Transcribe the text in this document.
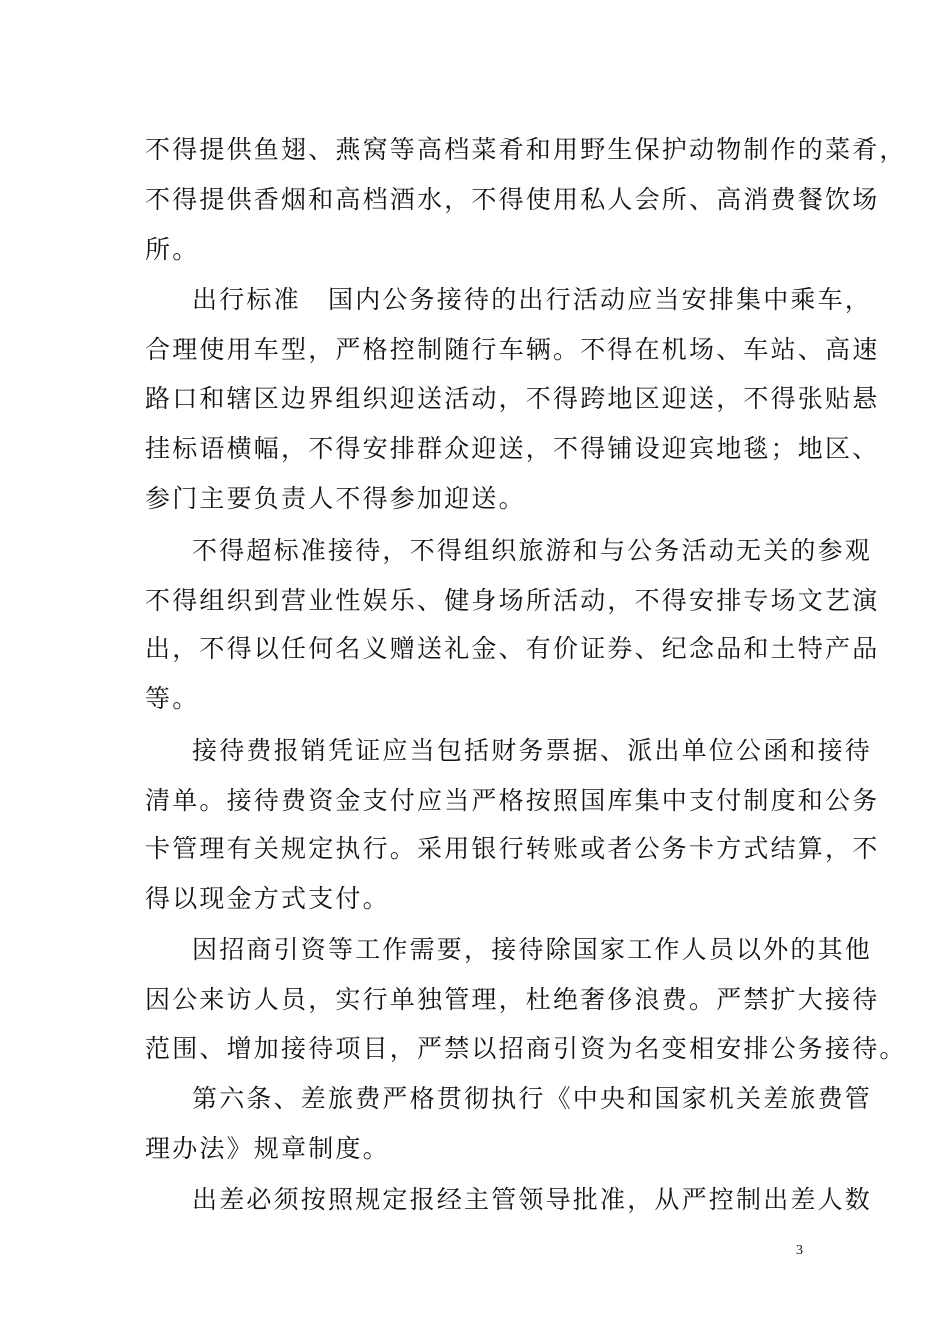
不得提供鱼翅、燕窝等高档菜肴和用野生保护动物制作的菜肴，
不得提供香烟和高档酒水，不得使用私人会所、高消费餐饮场
所。
出行标准　国内公务接待的出行活动应当安排集中乘车，
合理使用车型，严格控制随行车辆。不得在机场、车站、高速
路口和辖区边界组织迎送活动，不得跨地区迎送，不得张贴悬
挂标语横幅，不得安排群众迎送，不得铺设迎宾地毯；地区、
参门主要负责人不得参加迎送。
不得超标准接待，不得组织旅游和与公务活动无关的参观
不得组织到营业性娱乐、健身场所活动，不得安排专场文艺演
出，不得以任何名义赠送礼金、有价证券、纪念品和土特产品
等。
接待费报销凭证应当包括财务票据、派出单位公函和接待
清单。接待费资金支付应当严格按照国库集中支付制度和公务
卡管理有关规定执行。采用银行转账或者公务卡方式结算，不
得以现金方式支付。
因招商引资等工作需要，接待除国家工作人员以外的其他
因公来访人员，实行单独管理，杜绝奢侈浪费。严禁扩大接待
范围、增加接待项目，严禁以招商引资为名变相安排公务接待。
第六条、差旅费严格贯彻执行《中央和国家机关差旅费管
理办法》规章制度。
出差必须按照规定报经主管领导批准，从严控制出差人数
3
